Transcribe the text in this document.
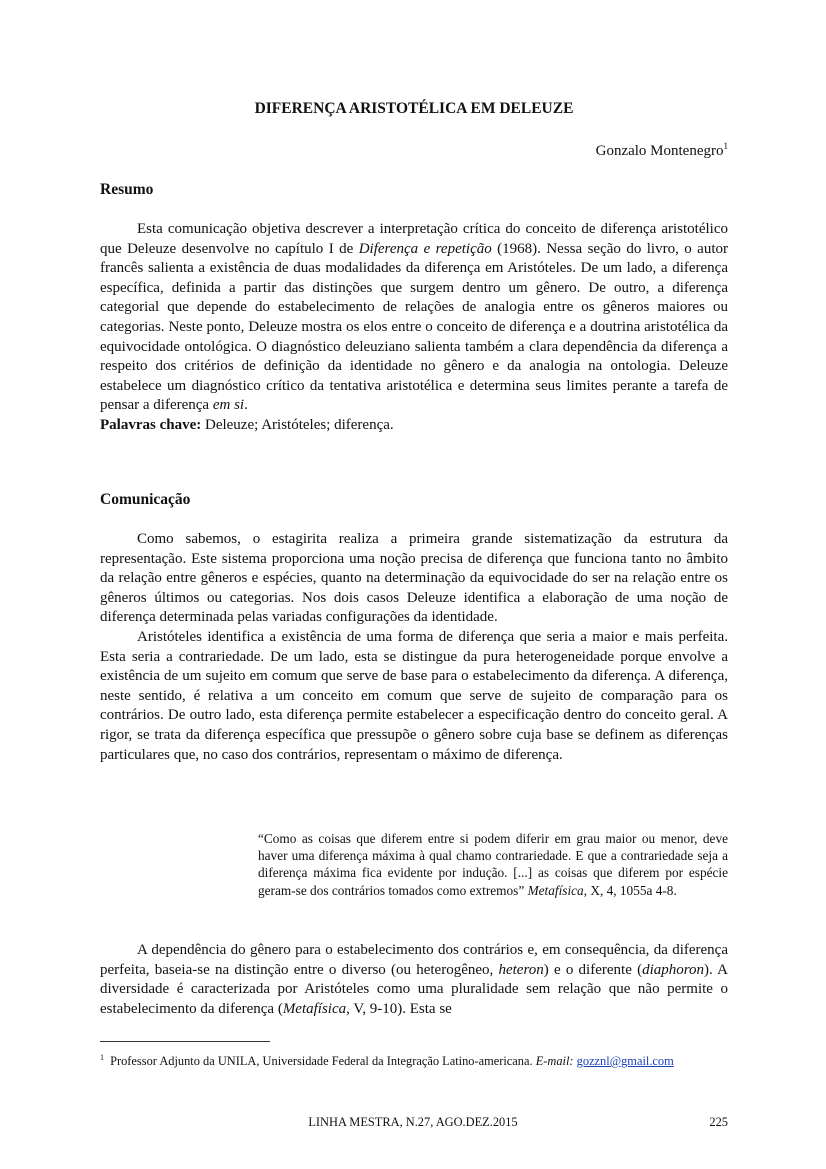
DIFERENÇA ARISTOTÉLICA EM DELEUZE
Gonzalo Montenegro$^1$
Resumo

Esta comunicação objetiva descrever a interpretação crítica do conceito de diferença aristotélico que Deleuze desenvolve no capítulo I de Diferença e repetição (1968). Nessa seção do livro, o autor francês salienta a existência de duas modalidades da diferença em Aristóteles. De um lado, a diferença específica, definida a partir das distinções que surgem dentro um gênero. De outro, a diferença categorial que depende do estabelecimento de relações de analogia entre os gêneros maiores ou categorias. Neste ponto, Deleuze mostra os elos entre o conceito de diferença e a doutrina aristotélica da equivocidade ontológica. O diagnóstico deleuziano salienta também a clara dependência da diferença a respeito dos critérios de definição da identidade no gênero e da analogia na ontologia. Deleuze estabelece um diagnóstico crítico da tentativa aristotélica e determina seus limites perante a tarefa de pensar a diferença em si.

Palavras chave: Deleuze; Aristóteles; diferença.

Comunicação

Como sabemos, o estagirita realiza a primeira grande sistematização da estrutura da representação. Este sistema proporciona uma noção precisa de diferença que funciona tanto no âmbito da relação entre gêneros e espécies, quanto na determinação da equivocidade do ser na relação entre os gêneros últimos ou categorias. Nos dois casos Deleuze identifica a elaboração de uma noção de diferença determinada pelas variadas configurações da identidade.

Aristóteles identifica a existência de uma forma de diferença que seria a maior e mais perfeita. Esta seria a contrariedade. De um lado, esta se distingue da pura heterogeneidade porque envolve a existência de um sujeito em comum que serve de base para o estabelecimento da diferença. A diferença, neste sentido, é relativa a um conceito em comum que serve de sujeito de comparação para os contrários. De outro lado, esta diferença permite estabelecer a especificação dentro do conceito geral. A rigor, se trata da diferença específica que pressupõe o gênero sobre cuja base se definem as diferenças particulares que, no caso dos contrários, representam o máximo de diferença.

“Como as coisas que diferem entre si podem diferir em grau maior ou menor, deve haver uma diferença máxima à qual chamo contrariedade. E que a contrariedade seja a diferença máxima fica evidente por indução. [...] as coisas que diferem por espécie geram-se dos contrários tomados como extremos” Metafísica, X, 4, 1055a 4-8.

A dependência do gênero para o estabelecimento dos contrários e, em consequência, da diferença perfeita, baseia-se na distinção entre o diverso (ou heterogêneo, heteron) e o diferente (diaphoron). A diversidade é caracterizada por Aristóteles como uma pluralidade sem relação que não permite o estabelecimento da diferença (Metafísica, V, 9-10). Esta se

$^1$ Professor Adjunto da UNILA, Universidade Federal da Integração Latino-americana. E-mail: gozznl@gmail.com
LINHA MESTRA, N.27, AGO.DEZ.2015	225
